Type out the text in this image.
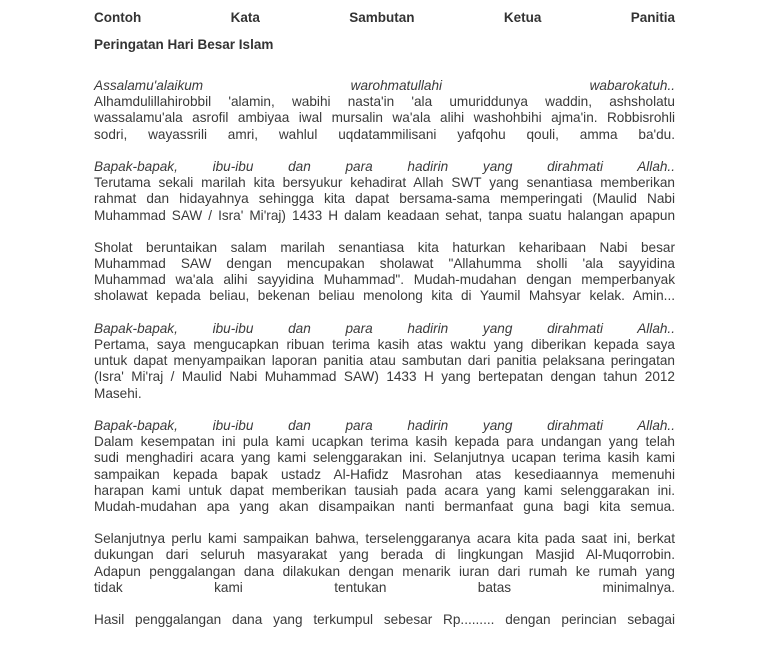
Contoh Kata Sambutan Ketua Panitia
Peringatan Hari Besar Islam
Assalamu'alaikum warohmatullahi wabarokatuh..
Alhamdulillahirobbil 'alamin, wabihi nasta'in 'ala umuriddunya waddin, ashsholatu
wassalamu'ala asrofil ambiyaa iwal mursalin wa'ala alihi washohbihi ajma'in. Robbisrohli
sodri, wayassrili amri, wahlul uqdatammilisani yafqohu qouli, amma ba'du.
Bapak-bapak, ibu-ibu dan para hadirin yang dirahmati Allah..
Terutama sekali marilah kita bersyukur kehadirat Allah SWT yang senantiasa memberikan
rahmat dan hidayahnya sehingga kita dapat bersama-sama memperingati (Maulid Nabi
Muhammad SAW / Isra' Mi'raj) 1433 H dalam keadaan sehat, tanpa suatu halangan apapun
Sholat beruntaikan salam marilah senantiasa kita haturkan keharibaan Nabi besar
Muhammad SAW dengan mencupakan sholawat "Allahumma sholli 'ala sayyidina
Muhammad wa'ala alihi sayyidina Muhammad". Mudah-mudahan dengan memperbanyak
sholawat kepada beliau, bekenan beliau menolong kita di Yaumil Mahsyar kelak. Amin...
Bapak-bapak, ibu-ibu dan para hadirin yang dirahmati Allah..
Pertama, saya mengucapkan ribuan terima kasih atas waktu yang diberikan kepada saya
untuk dapat menyampaikan laporan panitia atau sambutan dari panitia pelaksana peringatan
(Isra' Mi'raj / Maulid Nabi Muhammad SAW) 1433 H yang bertepatan dengan tahun 2012
Masehi.
Bapak-bapak, ibu-ibu dan para hadirin yang dirahmati Allah..
Dalam kesempatan ini pula kami ucapkan terima kasih kepada para undangan yang telah
sudi menghadiri acara yang kami selenggarakan ini. Selanjutnya ucapan terima kasih kami
sampaikan kepada bapak ustadz Al-Hafidz Masrohan atas kesediaannya memenuhi
harapan kami untuk dapat memberikan tausiah pada acara yang kami selenggarakan ini.
Mudah-mudahan apa yang akan disampaikan nanti bermanfaat guna bagi kita semua.
Selanjutnya perlu kami sampaikan bahwa, terselenggaranya acara kita pada saat ini, berkat
dukungan dari seluruh masyarakat yang berada di lingkungan Masjid Al-Muqorrobin.
Adapun penggalangan dana dilakukan dengan menarik iuran dari rumah ke rumah yang
tidak kami tentukan batas minimalnya.
Hasil penggalangan dana yang terkumpul sebesar Rp......... dengan perincian sebagai
